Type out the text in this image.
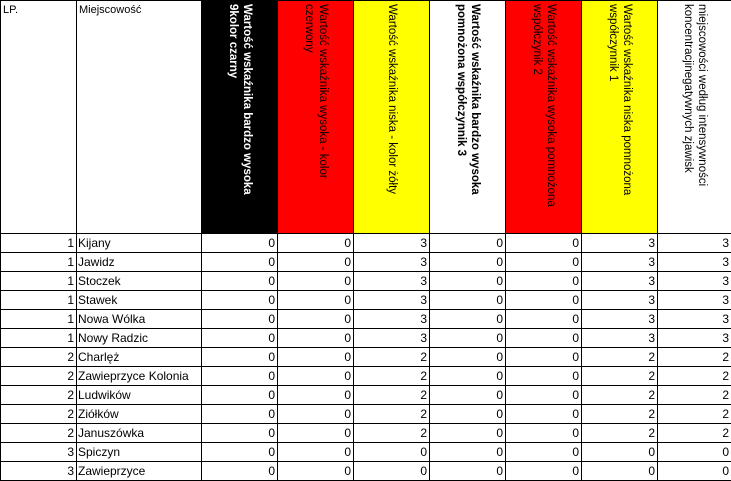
LP.	Miejscowość	Wartość wskaźnika bardzo wysoka 9kolor czarny	Wartość wskaźnika wysoka - kolor czerwony	Wartość wskaźnika niska - kolor żółty	Wartość wskaźnika bardzo wysoka pomnożona współczynnik 3	Wartość wskaźnika wysoka pomnożona współczynik 2	Wartość wskaźnika niska pomnożona współczynnik 1	miejscowości według intensywności koncentracjinegatywnych zjawisk

1	Kijany	0	0	3	0	0	3	3
1	Jawidz	0	0	3	0	0	3	3
1	Stoczek	0	0	3	0	0	3	3
1	Stawek	0	0	3	0	0	3	3
1	Nowa Wólka	0	0	3	0	0	3	3
1	Nowy Radzic	0	0	3	0	0	3	3
2	Charlęż	0	0	2	0	0	2	2
2	Zawieprzyce Kolonia	0	0	2	0	0	2	2
2	Ludwików	0	0	2	0	0	2	2
2	Ziółków	0	0	2	0	0	2	2
2	Januszówka	0	0	2	0	0	2	2
3	Spiczyn	0	0	0	0	0	0	0
3	Zawieprzyce	0	0	0	0	0	0	0
